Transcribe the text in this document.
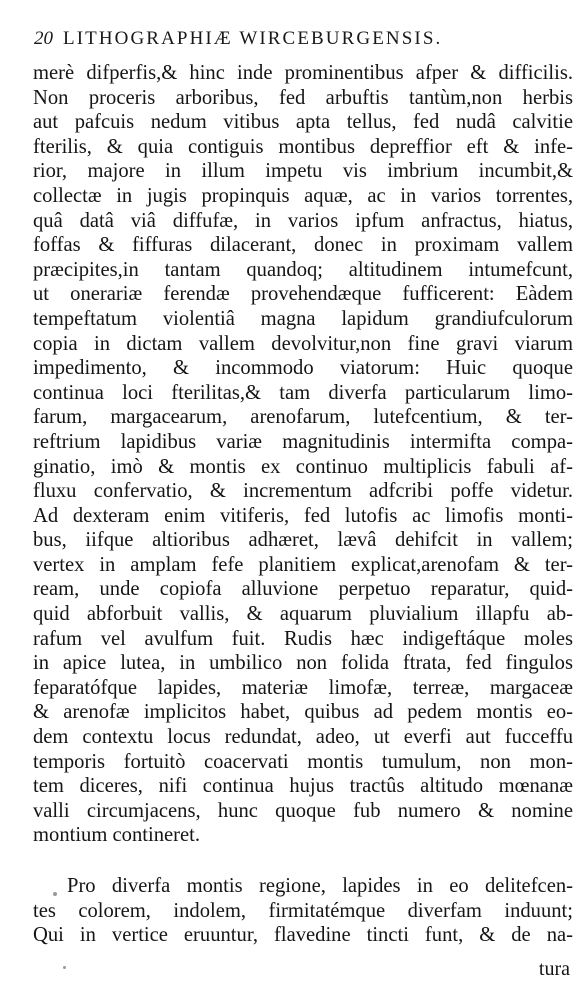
20 LITHOGRAPHIÆ WIRCEBURGENSIS.
merè difperfis,& hinc inde prominentibus afper & difficilis.
Non proceris arboribus, fed arbuftis tantùm,non herbis
aut pafcuis nedum vitibus apta tellus, fed nudâ calvitie
fterilis, & quia contiguis montibus depreffior eft & infe-
rior, majore in illum impetu vis imbrium incumbit,&
collectæ in jugis propinquis aquæ, ac in varios torrentes,
quâ datâ viâ diffufæ, in varios ipfum anfractus, hiatus,
foffas & fiffuras dilacerant, donec in proximam vallem
præcipites,in tantam quandoq; altitudinem intumefcunt,
ut onerariæ ferendæ provehendæque fufficerent: Eàdem
tempeftatum violentiâ magna lapidum grandiufculorum
copia in dictam vallem devolvitur,non fine gravi viarum
impedimento, & incommodo viatorum: Huic quoque
continua loci fterilitas,& tam diverfa particularum limo-
farum, margacearum, arenofarum, lutefcentium, & ter-
reftrium lapidibus variæ magnitudinis intermifta compa-
ginatio, imò & montis ex continuo multiplicis fabuli af-
fluxu confervatio, & incrementum adfcribi poffe videtur.
Ad dexteram enim vitiferis, fed lutofis ac limofis monti-
bus, iifque altioribus adhæret, lævâ dehifcit in vallem;
vertex in amplam fefe planitiem explicat,arenofam & ter-
ream, unde copiofa alluvione perpetuo reparatur, quid-
quid abforbuit vallis, & aquarum pluvialium illapfu ab-
rafum vel avulfum fuit. Rudis hæc indigeftáque moles
in apice lutea, in umbilico non folida ftrata, fed fingulos
feparatófque lapides, materiæ limofæ, terreæ, margaceæ
& arenofæ implicitos habet, quibus ad pedem montis eo-
dem contextu locus redundat, adeo, ut everfi aut fucceffu
temporis fortuitò coacervati montis tumulum, non mon-
tem diceres, nifi continua hujus tractûs altitudo mœnanæ
valli circumjacens, hunc quoque fub numero & nomine
montium contineret.
Pro diverfa montis regione, lapides in eo delitefcen-
tes colorem, indolem, firmitatémque diverfam induunt;
Qui in vertice eruuntur, flavedine tincti funt, & de na-
tura
